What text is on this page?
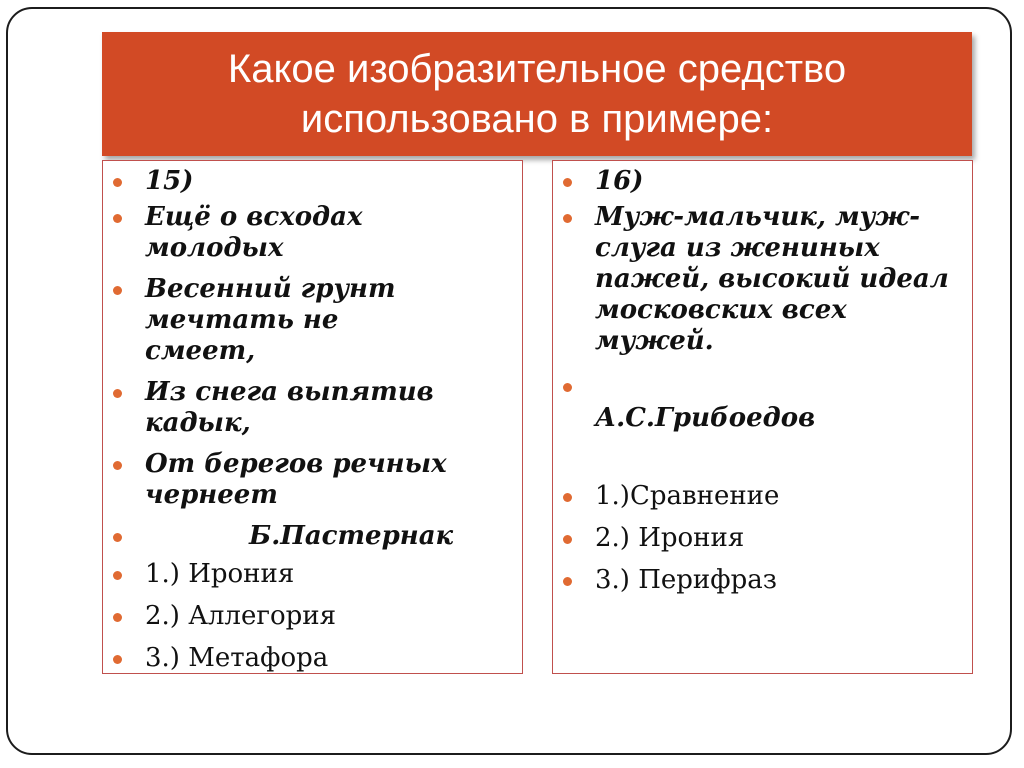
Какое изобразительное средство использовано в примере:
15)
Ещё о всходах молодых
Весенний грунт мечтать не смеет,
Из снега выпятив кадык,
От берегов речных чернеет
Б.Пастернак
1.) Ирония
2.) Аллегория
3.) Метафора
16)
Муж-мальчик, муж-слуга из жениных пажей, высокий идеал московских всех мужей.
А.С.Грибоедов
1.)Сравнение
2.) Ирония
3.) Перифраз
